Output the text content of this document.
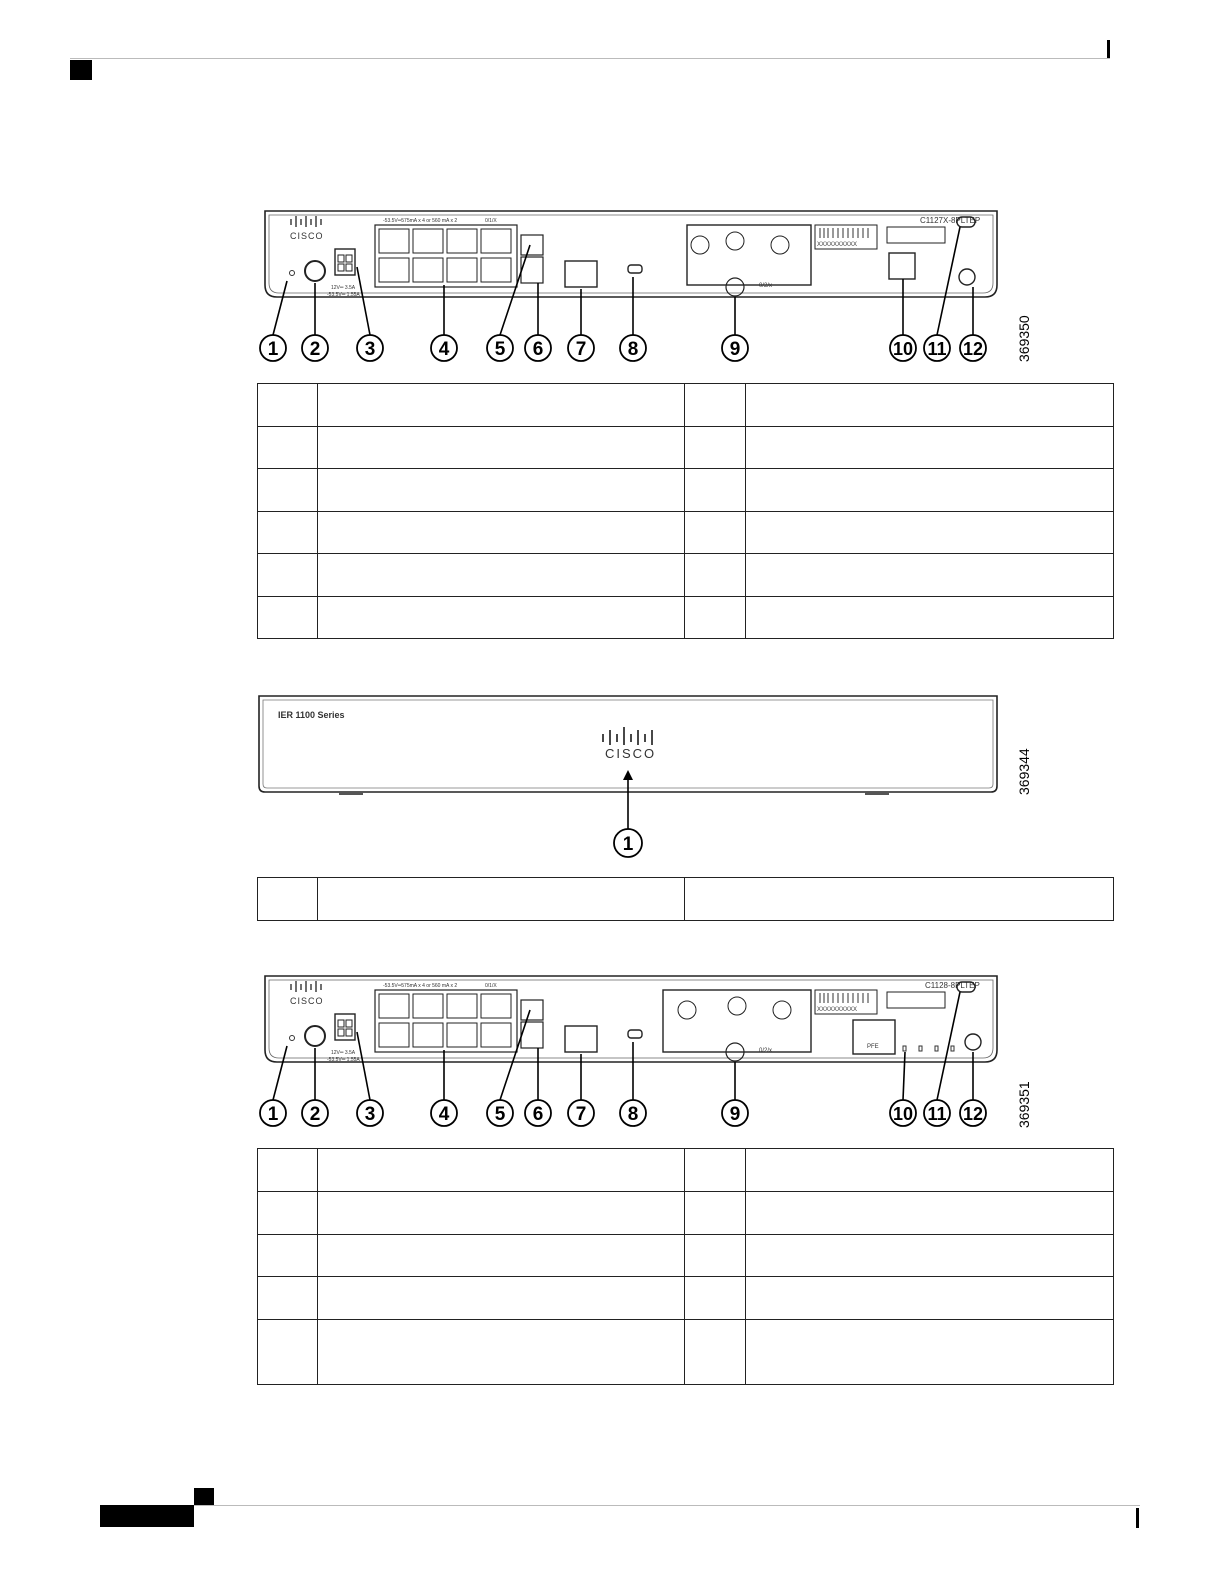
CISCO
12V═ 3.5A
-53.5V═ 1.55A
-53.5V═575mA x 4 or 560 mA x 2	0/1/X
0/2/x
XXXXXXXXXX
C1127X-8PLTEP
1 2 3	4 5 6 7 8	9	10 11 12 369350

IER 1100 Series
CISCO
1
369344

CISCO
12V═ 3.5A
-53.5V═ 1.55A
-53.5V═575mA x 4 or 560 mA x 2	0/1/X
0/2/x
XXXXXXXXXX
C1128-8PLTEP
PFE
1 2 3	4 5 6 7 8	9	10 11 12 369351
